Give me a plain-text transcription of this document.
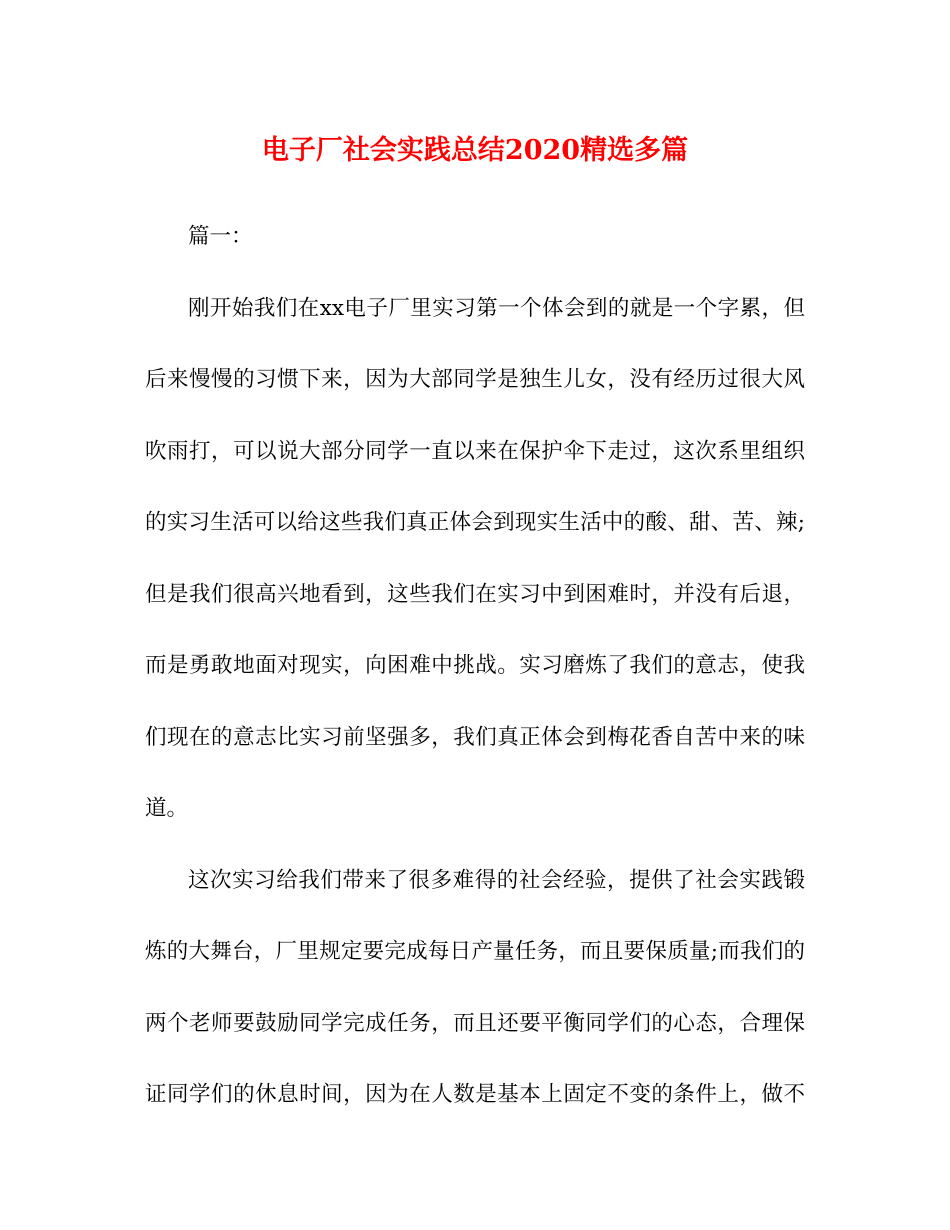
电子厂社会实践总结2020精选多篇
篇一：
刚开始我们在xx电子厂里实习第一个体会到的就是一个字累，但
后来慢慢的习惯下来，因为大部同学是独生儿女，没有经历过很大风
吹雨打，可以说大部分同学一直以来在保护伞下走过，这次系里组织
的实习生活可以给这些我们真正体会到现实生活中的酸、甜、苦、辣;
但是我们很高兴地看到，这些我们在实习中到困难时，并没有后退，
而是勇敢地面对现实，向困难中挑战。实习磨炼了我们的意志，使我
们现在的意志比实习前坚强多，我们真正体会到梅花香自苦中来的味
道。
这次实习给我们带来了很多难得的社会经验，提供了社会实践锻
炼的大舞台，厂里规定要完成每日产量任务，而且要保质量;而我们的
两个老师要鼓励同学完成任务，而且还要平衡同学们的心态，合理保
证同学们的休息时间，因为在人数是基本上固定不变的条件上，做不
